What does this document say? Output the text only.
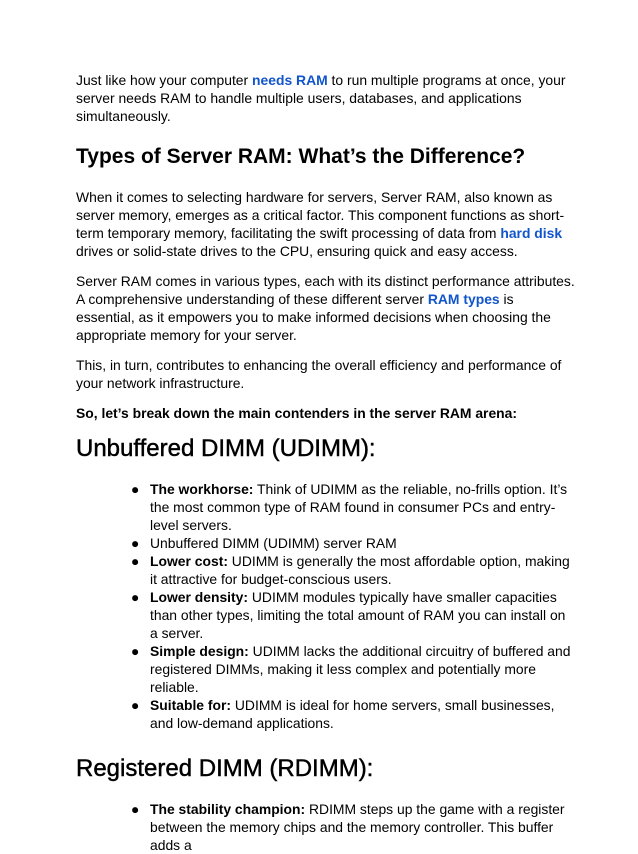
Just like how your computer needs RAM to run multiple programs at once, your server needs RAM to handle multiple users, databases, and applications simultaneously.

Types of Server RAM: What’s the Difference?

When it comes to selecting hardware for servers, Server RAM, also known as server memory, emerges as a critical factor. This component functions as short-term temporary memory, facilitating the swift processing of data from hard disk drives or solid-state drives to the CPU, ensuring quick and easy access.

Server RAM comes in various types, each with its distinct performance attributes. A comprehensive understanding of these different server RAM types is essential, as it empowers you to make informed decisions when choosing the appropriate memory for your server.

This, in turn, contributes to enhancing the overall efficiency and performance of your network infrastructure.

So, let’s break down the main contenders in the server RAM arena:

Unbuffered DIMM (UDIMM):
● The workhorse: Think of UDIMM as the reliable, no-frills option. It’s the most common type of RAM found in consumer PCs and entry-level servers.
● Unbuffered DIMM (UDIMM) server RAM
● Lower cost: UDIMM is generally the most affordable option, making it attractive for budget-conscious users.
● Lower density: UDIMM modules typically have smaller capacities than other types, limiting the total amount of RAM you can install on a server.
● Simple design: UDIMM lacks the additional circuitry of buffered and registered DIMMs, making it less complex and potentially more reliable.
● Suitable for: UDIMM is ideal for home servers, small businesses, and low-demand applications.
Registered DIMM (RDIMM):
● The stability champion: RDIMM steps up the game with a register between the memory chips and the memory controller. This buffer adds a
